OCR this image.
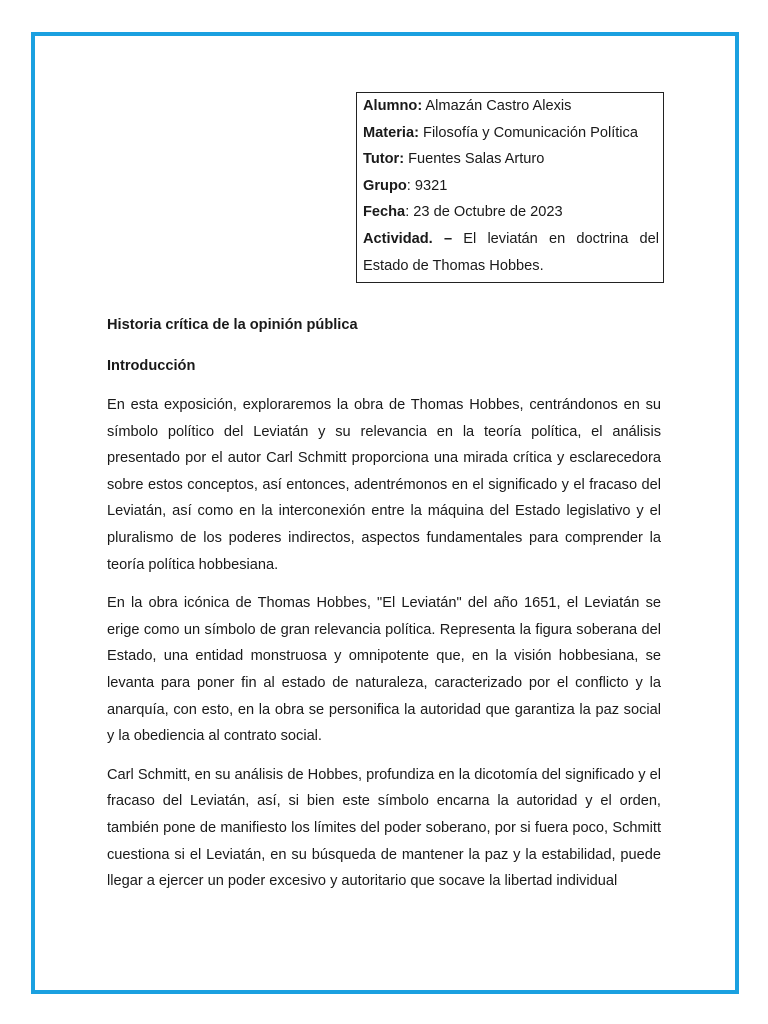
Alumno: Almazán Castro Alexis
Materia: Filosofía y Comunicación Política
Tutor: Fuentes Salas Arturo
Grupo: 9321
Fecha: 23 de Octubre de 2023
Actividad. – El leviatán en doctrina del Estado de Thomas Hobbes.

Historia crítica de la opinión pública

Introducción

En esta exposición, exploraremos la obra de Thomas Hobbes, centrándonos en su símbolo político del Leviatán y su relevancia en la teoría política, el análisis presentado por el autor Carl Schmitt proporciona una mirada crítica y esclarecedora sobre estos conceptos, así entonces, adentrémonos en el significado y el fracaso del Leviatán, así como en la interconexión entre la máquina del Estado legislativo y el pluralismo de los poderes indirectos, aspectos fundamentales para comprender la teoría política hobbesiana.

En la obra icónica de Thomas Hobbes, "El Leviatán" del año 1651, el Leviatán se erige como un símbolo de gran relevancia política. Representa la figura soberana del Estado, una entidad monstruosa y omnipotente que, en la visión hobbesiana, se levanta para poner fin al estado de naturaleza, caracterizado por el conflicto y la anarquía, con esto, en la obra se personifica la autoridad que garantiza la paz social y la obediencia al contrato social.

Carl Schmitt, en su análisis de Hobbes, profundiza en la dicotomía del significado y el fracaso del Leviatán, así, si bien este símbolo encarna la autoridad y el orden, también pone de manifiesto los límites del poder soberano, por si fuera poco, Schmitt cuestiona si el Leviatán, en su búsqueda de mantener la paz y la estabilidad, puede llegar a ejercer un poder excesivo y autoritario que socave la libertad individual
